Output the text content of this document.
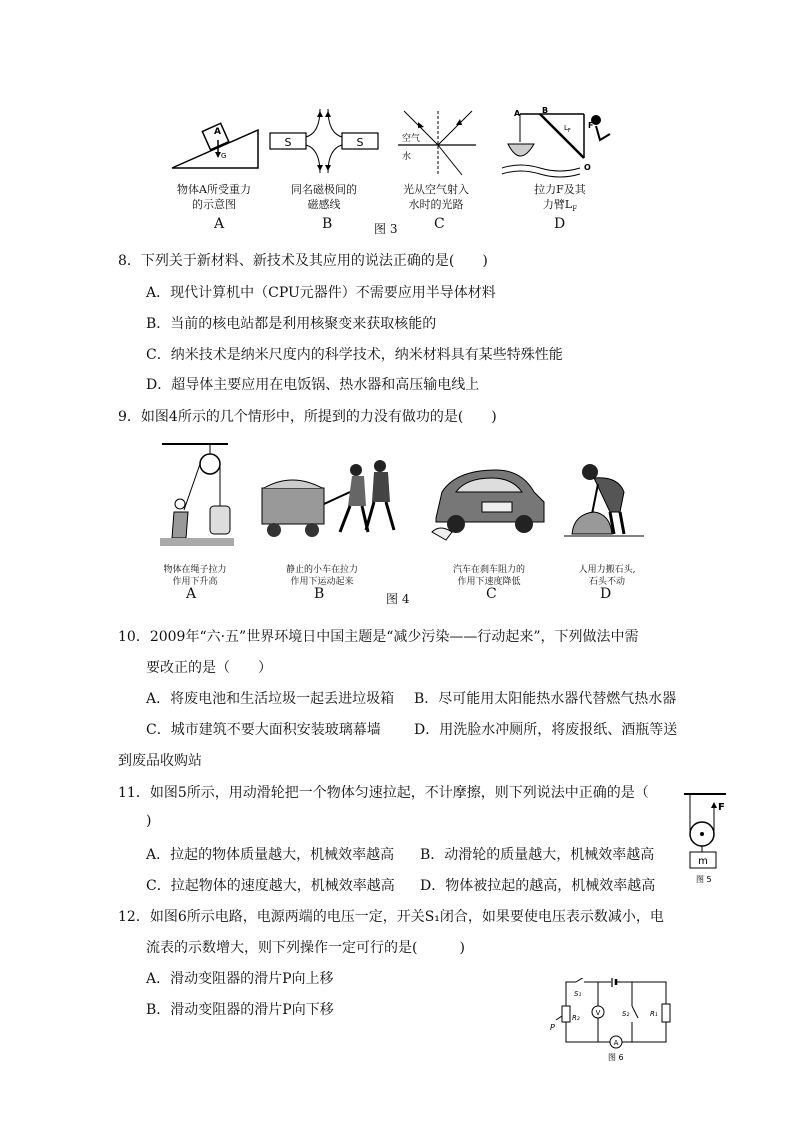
A
G
S	S	空气
水
A	B
F
$L_F$
O
物体A所受重力
的示意图
同名磁极间的
磁感线
光从空气射入
水时的光路
拉力F及其
力臂$L_F$
A	B	C	D
图 3
8．下列关于新材料、新技术及其应用的说法正确的是(　　)
A．现代计算机中（CPU元器件）不需要应用半导体材料
B．当前的核电站都是利用核聚变来获取核能的
C．纳米技术是纳米尺度内的科学技术，纳米材料具有某些特殊性能
D．超导体主要应用在电饭锅、热水器和高压输电线上
9．如图4所示的几个情形中，所提到的力没有做功的是(　　)
物体在绳子拉力
作用下升高
静止的小车在拉力
作用下运动起来
汽车在刹车阻力的
作用下速度降低
人用力搬石头,
石头不动
A	B	图 4	C	D
10．2009年“六·五”世界环境日中国主题是“减少污染——行动起来”，下列做法中需
要改正的是（　　）
A．将废电池和生活垃圾一起丢进垃圾箱 B．尽可能用太阳能热水器代替燃气热水器
C．城市建筑不要大面积安装玻璃幕墙 D．用洗脸水冲厕所，将废报纸、酒瓶等送
到废品收购站
11．如图5所示，用动滑轮把一个物体匀速拉起，不计摩擦，则下列说法中正确的是（
)
A．拉起的物体质量越大，机械效率越高 B．动滑轮的质量越大，机械效率越高
C．拉起物体的速度越大，机械效率越高 D．物体被拉起的越高，机械效率越高
F
m
图 5
12．如图6所示电路，电源两端的电压一定，开关S₁闭合，如果要使电压表示数减小，电
流表的示数增大，则下列操作一定可行的是(　　　)
A．滑动变阻器的滑片P向上移
B．滑动变阻器的滑片P向下移
S₁
R₂
P
V	S₂	R₁
A
图 6
